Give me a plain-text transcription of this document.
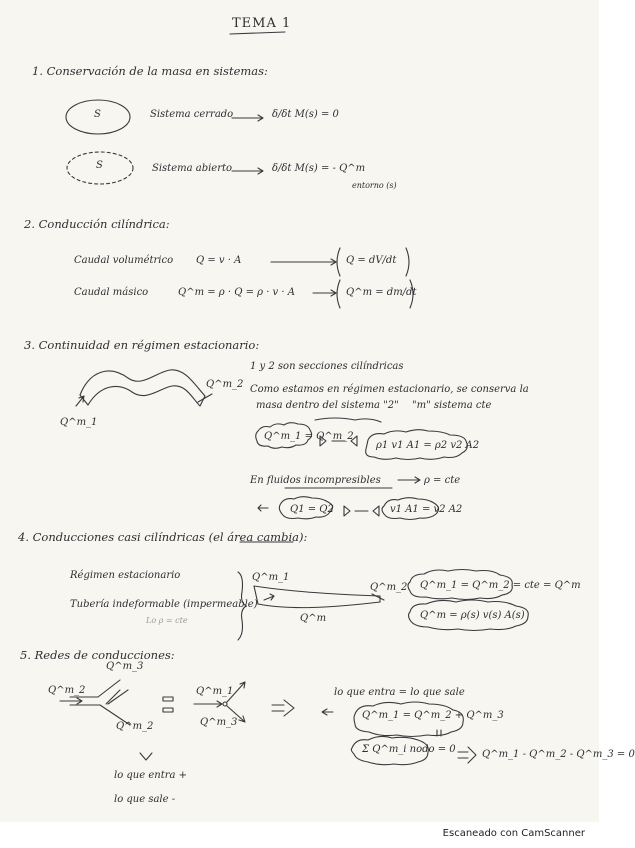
TEMA 1
1. Conservación de la masa en sistemas:
S	Sistema cerrado	δ/δt M(s) = 0
S	Sistema abierto	δ/δt M(s) = - Q^m
entorno (s)
2. Conducción cilíndrica:
Caudal volumétrico Q = v · A	Q = dV/dt
Caudal másico	Q^m = ρ · Q = ρ · v · A	Q^m = dm/dt
3. Continuidad en régimen estacionario:
Q^m_1
Q^m_2
1 y 2 son secciones cilíndricas
Como estamos en régimen estacionario, se conserva la
masa dentro del sistema "2" "m" sistema cte
Q^m_1 = Q^m_2
ρ1 v1 A1 = ρ2 v2 A2
En fluidos incompresibles	ρ = cte
Q1 = Q2	v1 A1 = v2 A2
4. Conducciones casi cilíndricas (el área cambia):
Régimen estacionario
Tubería indeformable (impermeable)
Lo ρ = cte
Q^m_1
Q^m_2
Q^m
Q^m_1 = Q^m_2 = cte = Q^m
Q^m = ρ(s) v(s) A(s)
5. Redes de conducciones:
Q^m_2
Q^m_3
Q^m_2
Q^m_1
Q^m_3
lo que entra = lo que sale
Q^m_1 = Q^m_2 + Q^m_3
Σ Q^m_i nodo = 0	Q^m_1 - Q^m_2 - Q^m_3 = 0
lo que entra +
lo que sale -
Escaneado con CamScanner
